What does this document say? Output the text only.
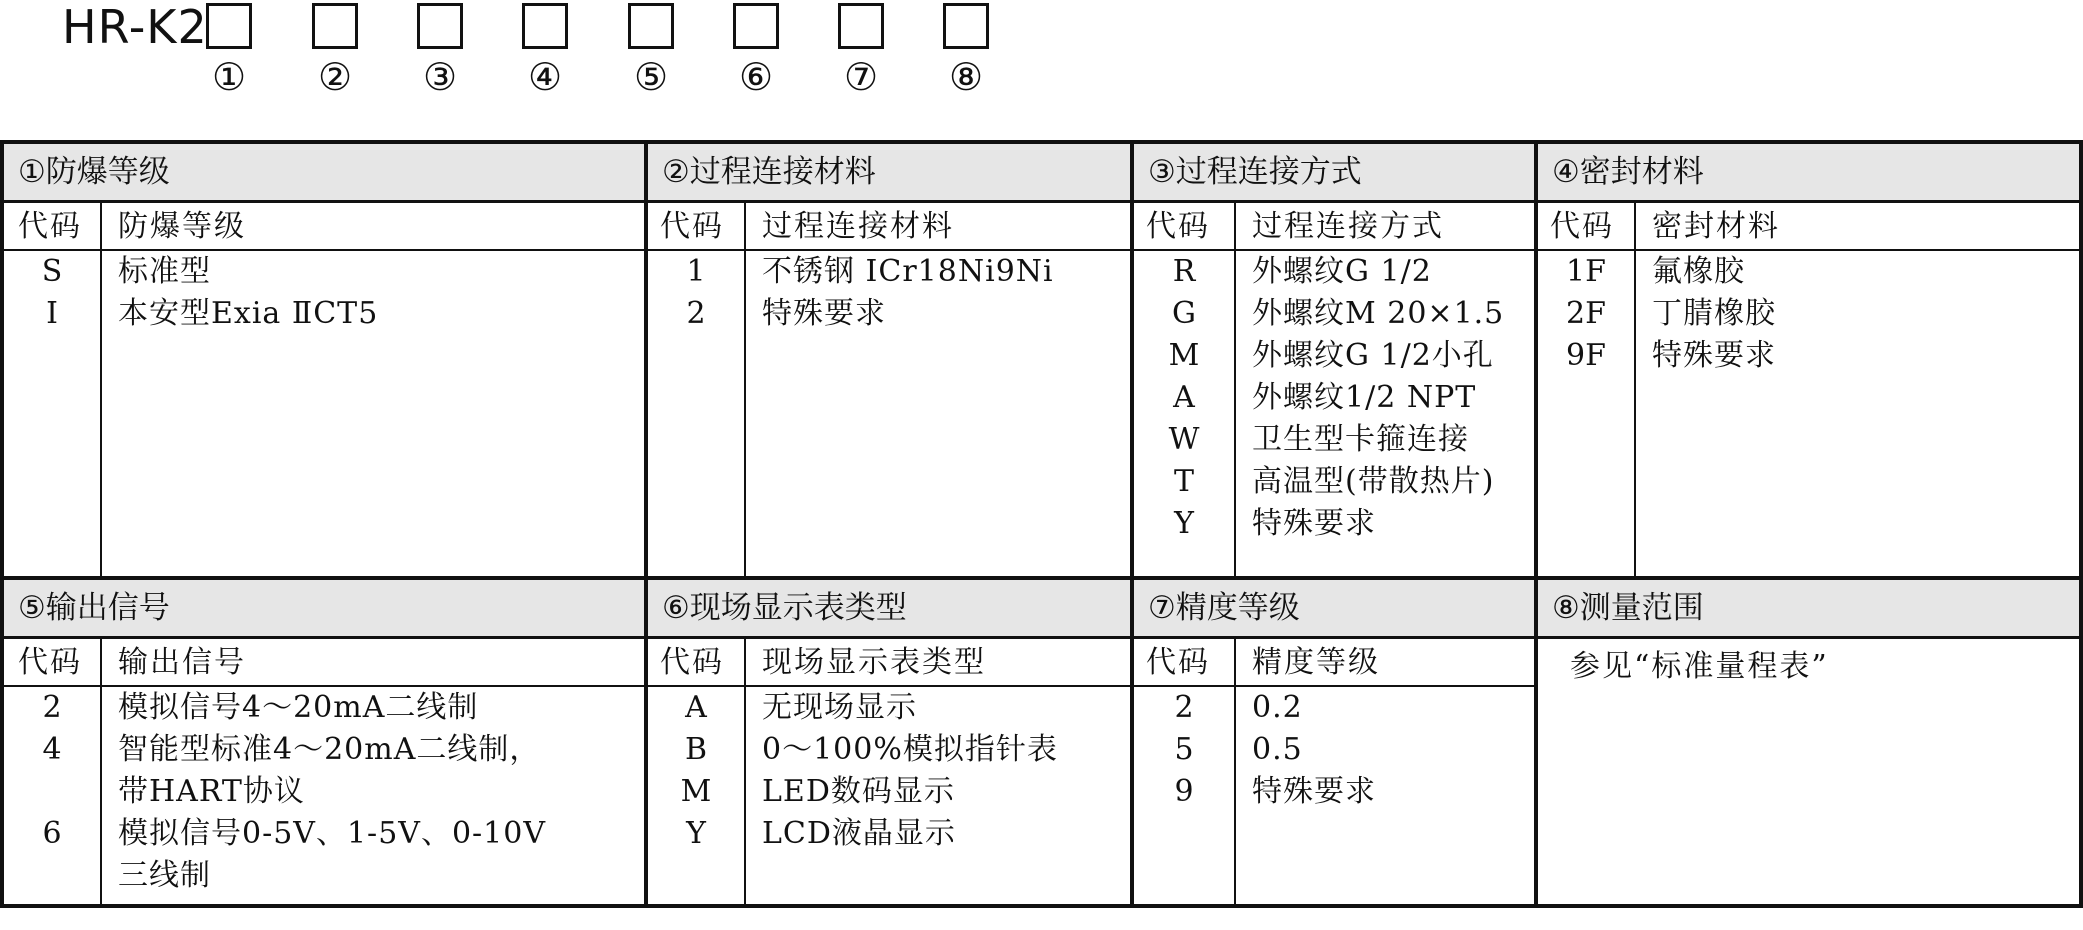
HR-K2
① ② ③ ④ ⑤ ⑥ ⑦ ⑧
①防爆等级
代码 防爆等级
S	标准型
I	本安型Exia ⅡCT5
②过程连接材料
代码 过程连接材料
1	不锈钢 ICr18Ni9Ni
2	特殊要求
③过程连接方式
代码 过程连接方式
R	外螺纹G 1/2
G	外螺纹M 20×1.5
M	外螺纹G 1/2小孔
A	外螺纹1/2 NPT
W	卫生型卡箍连接
T	高温型(带散热片)
Y	特殊要求
④密封材料
代码 密封材料
1F	氟橡胶
2F	丁腈橡胶
9F	特殊要求
⑤输出信号
代码 输出信号
2	模拟信号4～20mA二线制
4	智能型标准4～20mA二线制，
带HART协议
6	模拟信号0-5V、1-5V、0-10V
三线制
⑥现场显示表类型
代码 现场显示表类型
A	无现场显示
B	0～100%模拟指针表
M	LED数码显示
Y	LCD液晶显示
⑦精度等级
代码 精度等级
2	0.2
5	0.5
9	特殊要求
⑧测量范围
参见“标准量程表”
